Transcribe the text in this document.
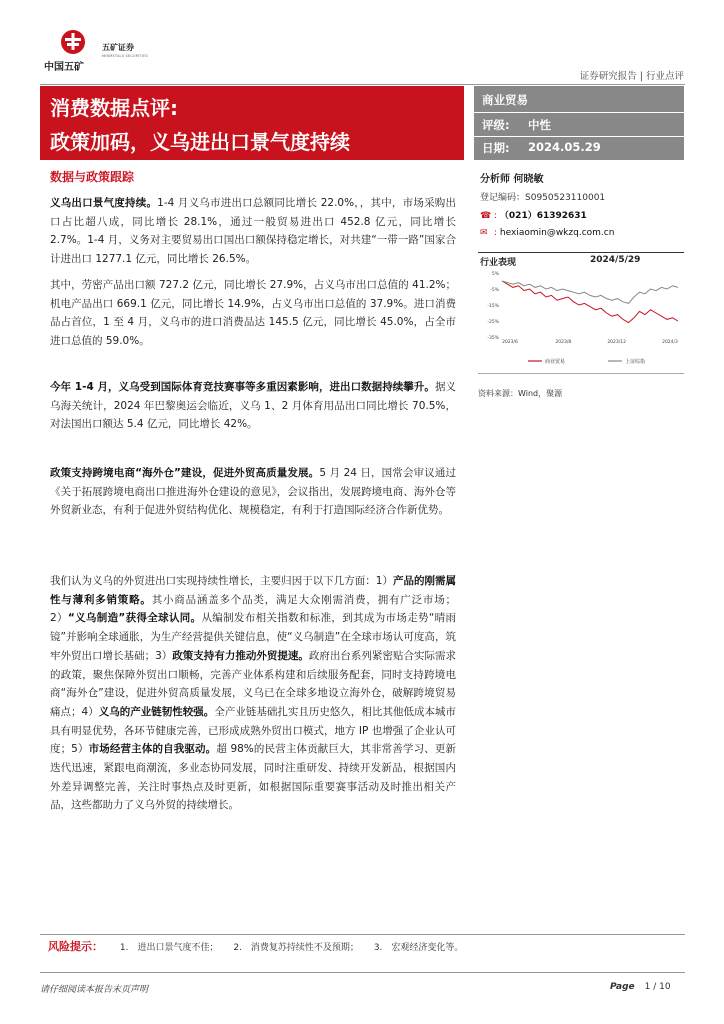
中国五矿
五矿证券
MINMETALS SECURITIES
证券研究报告 | 行业点评
消费数据点评:
政策加码，义乌进出口景气度持续
商业贸易
评级: 中性
日期: 2024.05.29
数据与政策跟踪
义乌出口景气度持续。1-4 月义乌市进出口总额同比增长 22.0%，，其中，市场采购出口占比超八成，同比增长 28.1%，通过一般贸易进出口 452.8 亿元，同比增长 2.7%。1-4 月，义务对主要贸易出口国出口额保持稳定增长，对共建“一带一路”国家合计进出口 1277.1 亿元，同比增长 26.5%。
其中，劳密产品出口额 727.2 亿元，同比增长 27.9%，占义乌市出口总值的 41.2%；机电产品出口 669.1 亿元，同比增长 14.9%，占义乌市出口总值的 37.9%。进口消费品占首位，1 至 4 月，义乌市的进口消费品达 145.5 亿元，同比增长 45.0%，占全市进口总值的 59.0%。
今年 1-4 月，义乌受到国际体育竞技赛事等多重因素影响，进出口数据持续攀升。据义乌海关统计，2024 年巴黎奥运会临近，义乌 1、2 月体育用品出口同比增长 70.5%，对法国出口额达 5.4 亿元，同比增长 42%。
政策支持跨境电商“海外仓”建设，促进外贸高质量发展。5 月 24 日，国常会审议通过《关于拓展跨境电商出口推进海外仓建设的意见》，会议指出，发展跨境电商、海外仓等外贸新业态，有利于促进外贸结构优化、规模稳定，有利于打造国际经济合作新优势。
我们认为义乌的外贸进出口实现持续性增长，主要归因于以下几方面：1）产品的刚需属性与薄利多销策略。其小商品涵盖多个品类，满足大众刚需消费，拥有广泛市场；2）“义乌制造”获得全球认同。从编制发布相关指数和标准，到其成为市场走势“晴雨镜”并影响全球通胀，为生产经营提供关键信息，使“义乌制造”在全球市场认可度高，筑牢外贸出口增长基础；3）政策支持有力推动外贸提速。政府出台系列紧密贴合实际需求的政策，聚焦保障外贸出口顺畅，完善产业体系构建和后续服务配套，同时支持跨境电商“海外仓”建设，促进外贸高质量发展，义乌已在全球多地设立海外仓，破解跨境贸易痛点；4）义乌的产业链韧性较强。全产业链基础扎实且历史悠久，相比其他低成本城市具有明显优势，各环节健康完善，已形成成熟外贸出口模式，地方 IP 也增强了企业认可度；5）市场经营主体的自我驱动。超 98%的民营主体贡献巨大，其非常善学习、更新迭代迅速，紧跟电商潮流，多业态协同发展，同时注重研发、持续开发新品，根据国内外差异调整完善，关注时事热点及时更新，如根据国际重要赛事活动及时推出相关产品，这些都助力了义乌外贸的持续增长。
分析师 何晓敏
登记编码：S0950523110001
☎ : （021）61392631
✉ : hexiaomin@wkzq.com.cn
行业表现	2024/5/29
5%
-5%
-15%
-25%
-35%
2023/6	2023/8	2023/12	2024/3
商业贸易	上证综指
资料来源：Wind，聚源
风险提示： 1.　进出口景气度不佳； 2.　消费复苏持续性不及预期； 3.　宏观经济变化等。
请仔细阅读本报告末页声明	Page 1 / 10
